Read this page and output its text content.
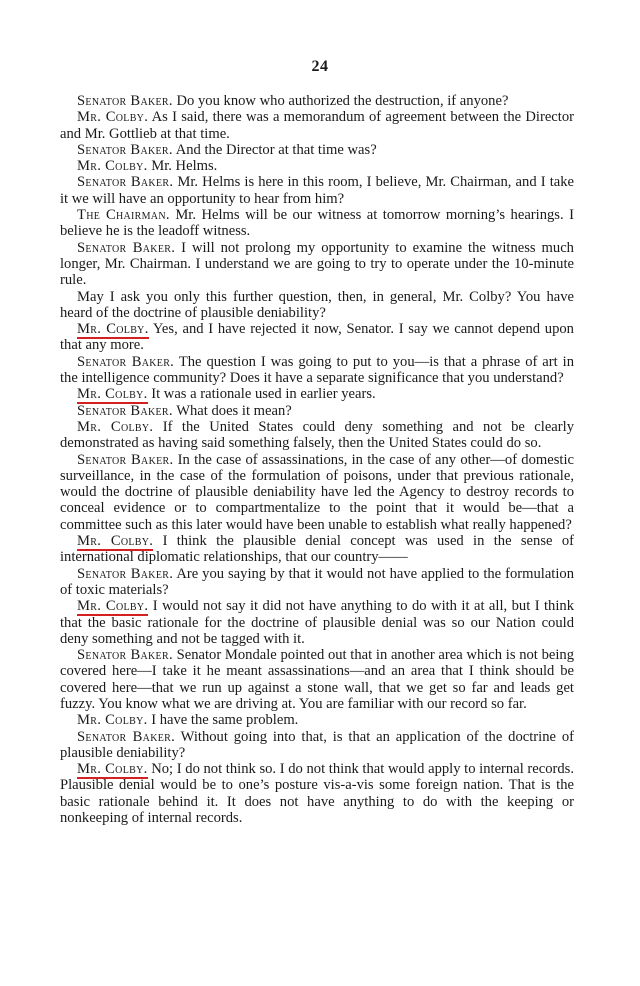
24

Senator Baker. Do you know who authorized the destruction, if anyone?

Mr. Colby. As I said, there was a memorandum of agreement between the Director and Mr. Gottlieb at that time.

Senator Baker. And the Director at that time was?

Mr. Colby. Mr. Helms.

Senator Baker. Mr. Helms is here in this room, I believe, Mr. Chairman, and I take it we will have an opportunity to hear from him?

The Chairman. Mr. Helms will be our witness at tomorrow morning’s hearings. I believe he is the leadoff witness.

Senator Baker. I will not prolong my opportunity to examine the witness much longer, Mr. Chairman. I understand we are going to try to operate under the 10-minute rule.

May I ask you only this further question, then, in general, Mr. Colby? You have heard of the doctrine of plausible deniability?

Mr. Colby. Yes, and I have rejected it now, Senator. I say we cannot depend upon that any more.

Senator Baker. The question I was going to put to you—is that a phrase of art in the intelligence community? Does it have a separate significance that you understand?

Mr. Colby. It was a rationale used in earlier years.

Senator Baker. What does it mean?

Mr. Colby. If the United States could deny something and not be clearly demonstrated as having said something falsely, then the United States could do so.

Senator Baker. In the case of assassinations, in the case of any other—of domestic surveillance, in the case of the formulation of poisons, under that previous rationale, would the doctrine of plausible deniability have led the Agency to destroy records to conceal evidence or to compartmentalize to the point that it would be—that a committee such as this later would have been unable to establish what really happened?

Mr. Colby. I think the plausible denial concept was used in the sense of international diplomatic relationships, that our country——

Senator Baker. Are you saying by that it would not have applied to the formulation of toxic materials?

Mr. Colby. I would not say it did not have anything to do with it at all, but I think that the basic rationale for the doctrine of plausible denial was so our Nation could deny something and not be tagged with it.

Senator Baker. Senator Mondale pointed out that in another area which is not being covered here—I take it he meant assassinations—and an area that I think should be covered here—that we run up against a stone wall, that we get so far and leads get fuzzy. You know what we are driving at. You are familiar with our record so far.

Mr. Colby. I have the same problem.

Senator Baker. Without going into that, is that an application of the doctrine of plausible deniability?

Mr. Colby. No; I do not think so. I do not think that would apply to internal records. Plausible denial would be to one’s posture vis-a-vis some foreign nation. That is the basic rationale behind it. It does not have anything to do with the keeping or nonkeeping of internal records.
